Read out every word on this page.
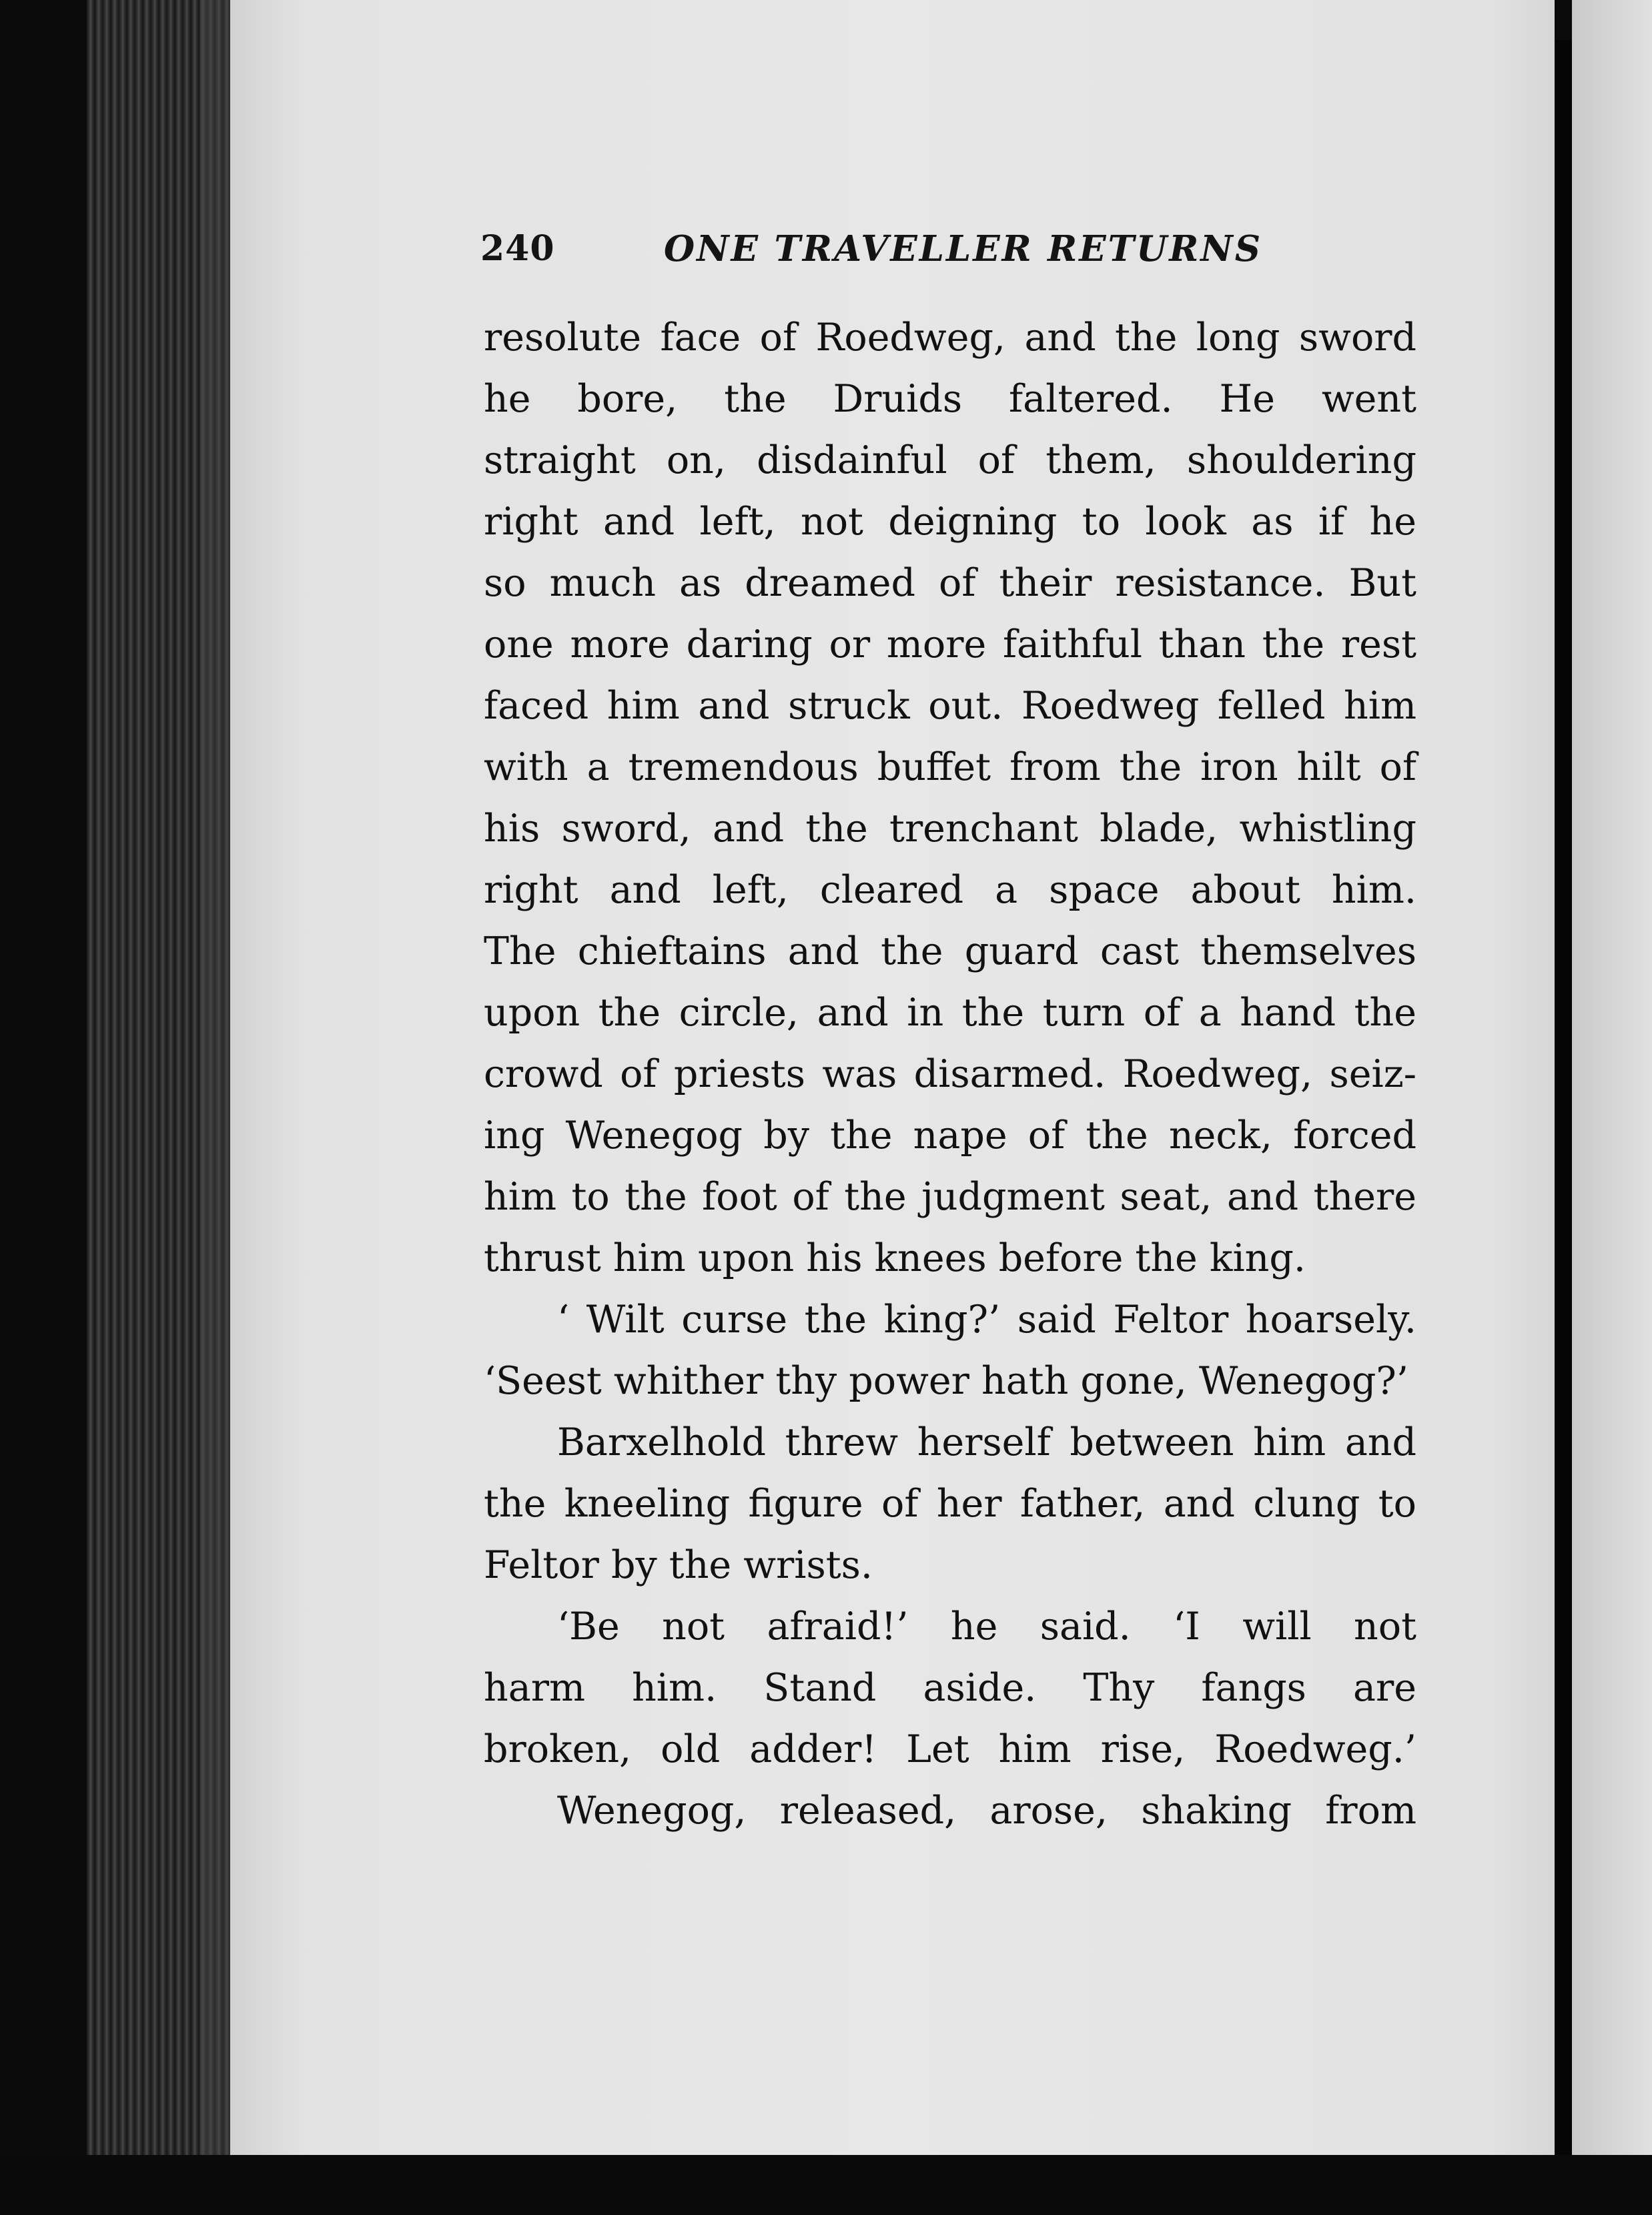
240	ONE TRAVELLER RETURNS
resolute face of Roedweg, and the long sword
he bore, the Druids faltered. He went
straight on, disdainful of them, shouldering
right and left, not deigning to look as if he
so much as dreamed of their resistance. But
one more daring or more faithful than the rest
faced him and struck out. Roedweg felled him
with a tremendous buffet from the iron hilt of
his sword, and the trenchant blade, whistling
right and left, cleared a space about him.
The chieftains and the guard cast themselves
upon the circle, and in the turn of a hand the
crowd of priests was disarmed. Roedweg, seiz-
ing Wenegog by the nape of the neck, forced
him to the foot of the judgment seat, and there
thrust him upon his knees before the king.
‘ Wilt curse the king?’ said Feltor hoarsely.
‘Seest whither thy power hath gone, Wenegog?’
Barxelhold threw herself between him and
the kneeling figure of her father, and clung to
Feltor by the wrists.
‘Be not afraid!’ he said. ‘I will not
harm him. Stand aside. Thy fangs are
broken, old adder! Let him rise, Roedweg.’
Wenegog, released, arose, shaking from
